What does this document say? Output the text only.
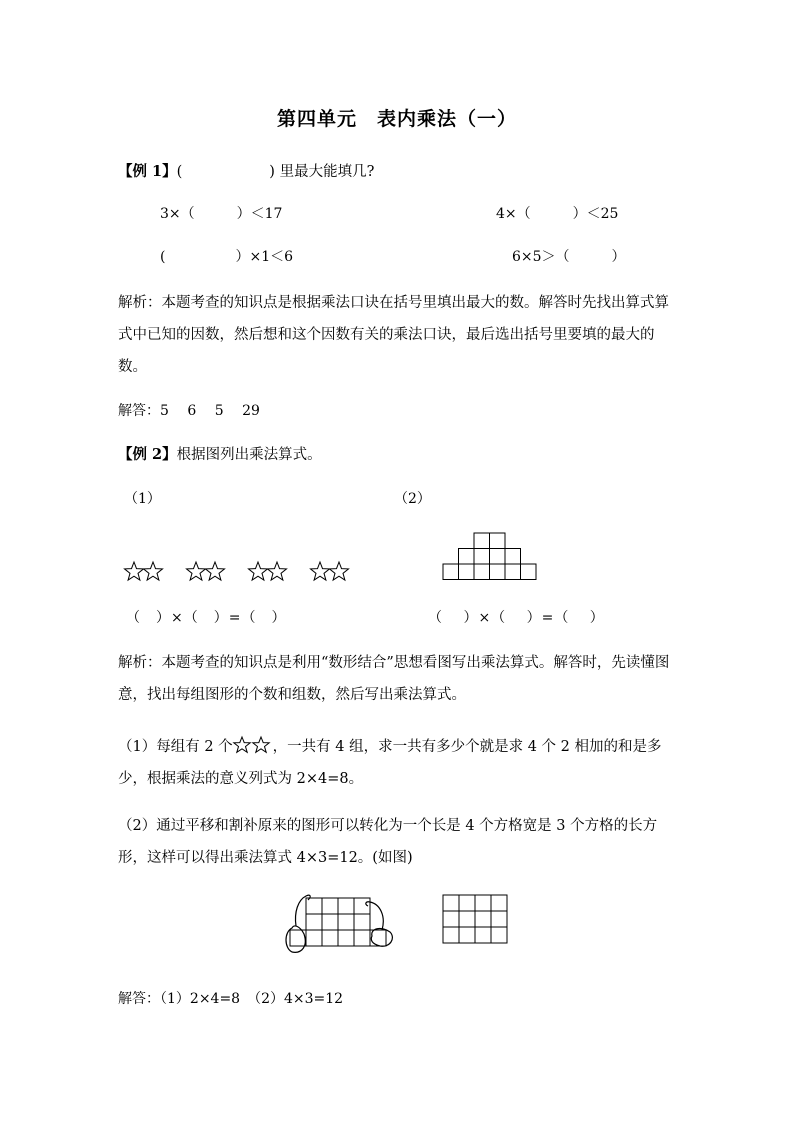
第四单元　表内乘法（一）
【例 1】(　　　　　　) 里最大能填几?
3×（　　　）＜17	4×（　　　）＜25
(　　　　　）×1＜6	6×5＞（　　　）
解析：本题考查的知识点是根据乘法口诀在括号里填出最大的数。解答时先找出算式算式中已知的因数，然后想和这个因数有关的乘法口诀，最后选出括号里要填的最大的数。
解答：5　 6　 5　 29
【例 2】根据图列出乘法算式。
（1）	（2）
（　）×（　）=（　）	（　 ）×（　 ）=（　 ）
解析：本题考查的知识点是利用“数形结合”思想看图写出乘法算式。解答时，先读懂图意，找出每组图形的个数和组数，然后写出乘法算式。
（1）每组有 2 个	，一共有 4 组，求一共有多少个就是求 4 个 2 相加的和是多少，根据乘法的意义列式为 2×4=8。
（2）通过平移和割补原来的图形可以转化为一个长是 4 个方格宽是 3 个方格的长方形，这样可以得出乘法算式 4×3=12。(如图)
解答：（1）2×4=8　（2）4×3=12
